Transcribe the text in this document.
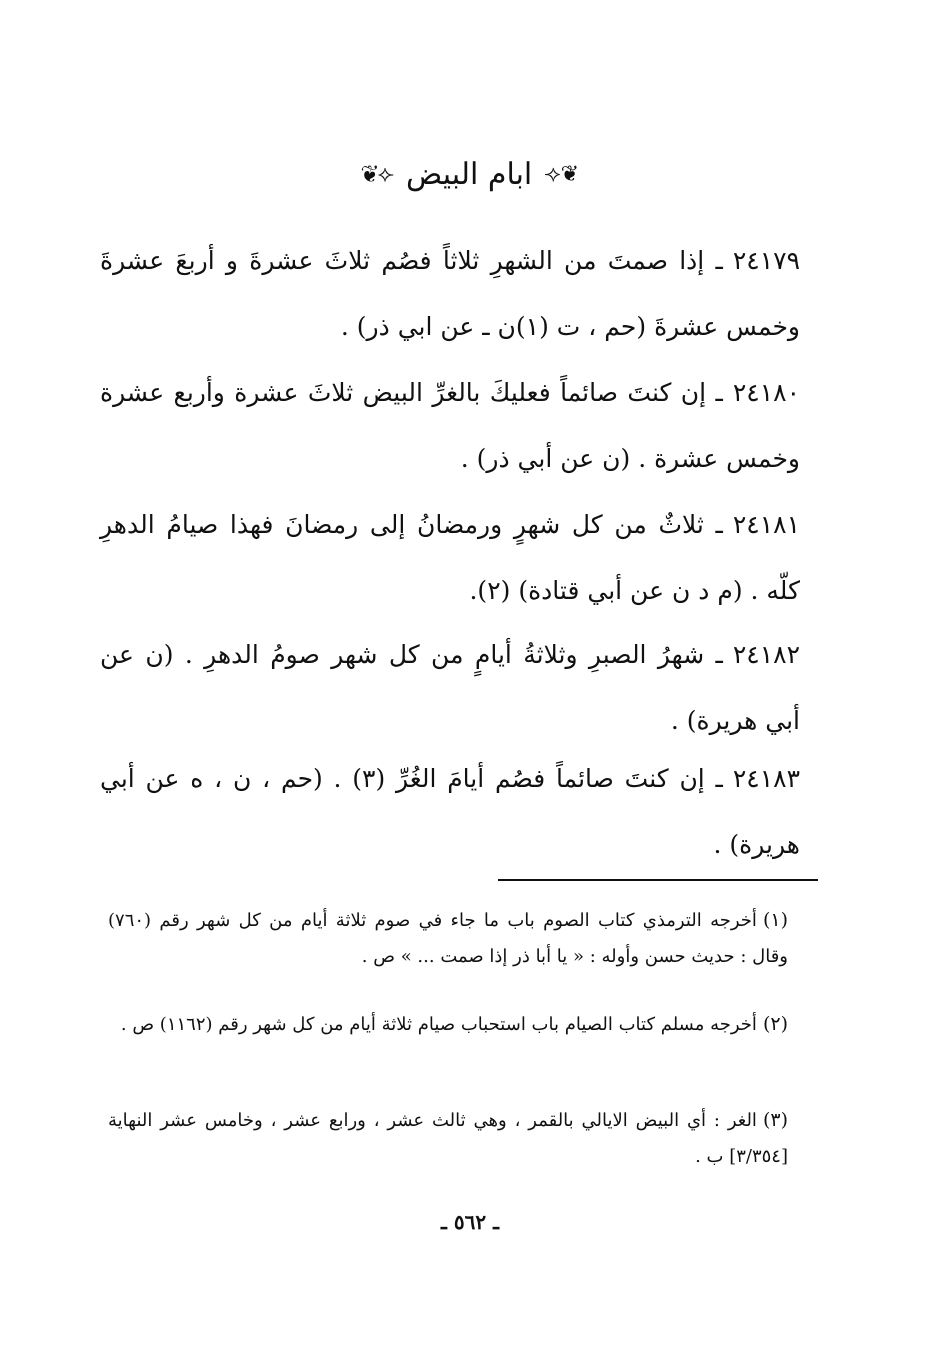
❦⟣
ابام البيض
⟢❦

٢٤١٧٩ـ إذا صمتَ من الشهرِ ثلاثاً فصُم ثلاثَ عشرةَ و أربعَ عشرةَ وخمس عشرةَ (حم ، ت (١)ن ـ عن ابي ذر) .

٢٤١٨٠ـ إن كنتَ صائماً فعليكَ بالغرِّ البيض ثلاثَ عشرة وأربع عشرة وخمس عشرة . (ن عن أبي ذر) .

٢٤١٨١ـ ثلاثٌ من كل شهرٍ ورمضانُ إلى رمضانَ فهذا صيامُ الدهرِ كلّه . (م د ن عن أبي قتادة) (٢).

٢٤١٨٢ـ شهرُ الصبرِ وثلاثةُ أيامٍ من كل شهر صومُ الدهرِ . (ن عن أبي هريرة) .

٢٤١٨٣ـ إن كنتَ صائماً فصُم أيامَ الغُرِّ (٣) . (حم ، ن ، ه عن أبي هريرة) .

(١)أخرجه الترمذي كتاب الصوم باب ما جاء في صوم ثلاثة أيام من كل شهر رقم (٧٦٠) وقال : حديث حسن وأوله : « يا أبا ذر إذا صمت ... » ص .

(٢)أخرجه مسلم كتاب الصيام باب استحباب صيام ثلاثة أيام من كل شهر رقم (١١٦٢) ص .

(٣)الغر : أي البيض الايالي بالقمر ، وهي ثالث عشر ، ورابع عشر ، وخامس عشر النهاية [٣/٣٥٤] ب .

ـ ٥٦٢ ـ
